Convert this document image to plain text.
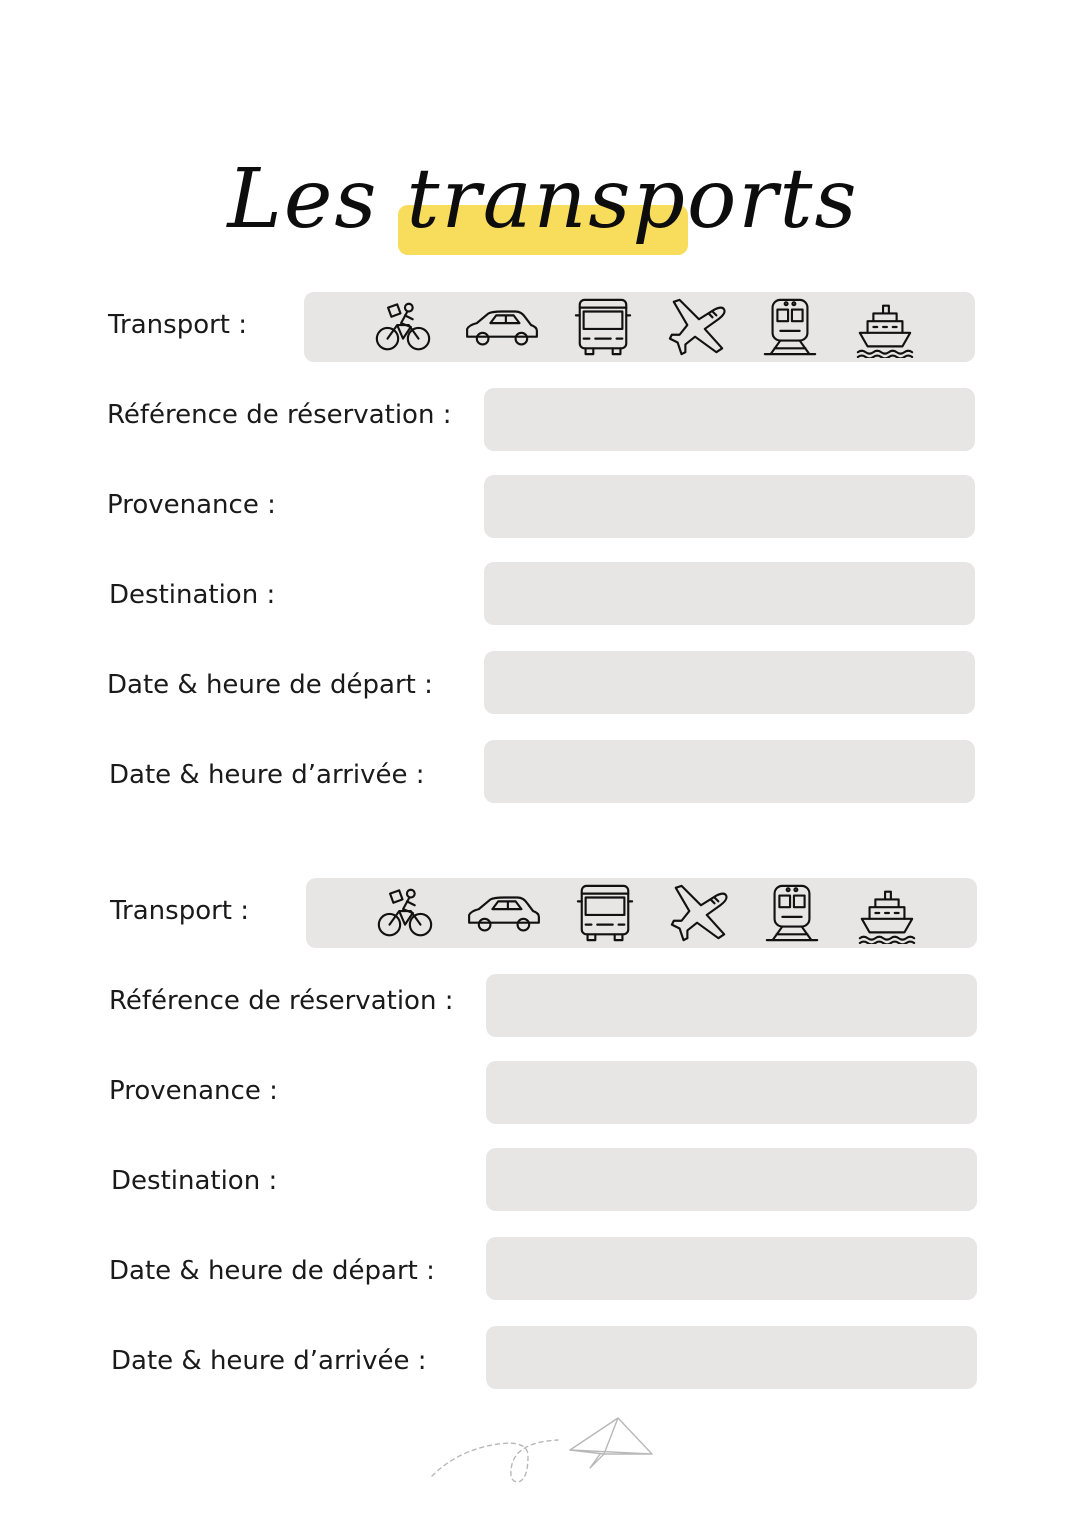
Les transports
Transport :
Référence de réservation :
Provenance :
Destination :
Date & heure de départ :
Date & heure d’arrivée :
Transport :
Référence de réservation :
Provenance :
Destination :
Date & heure de départ :
Date & heure d’arrivée :
